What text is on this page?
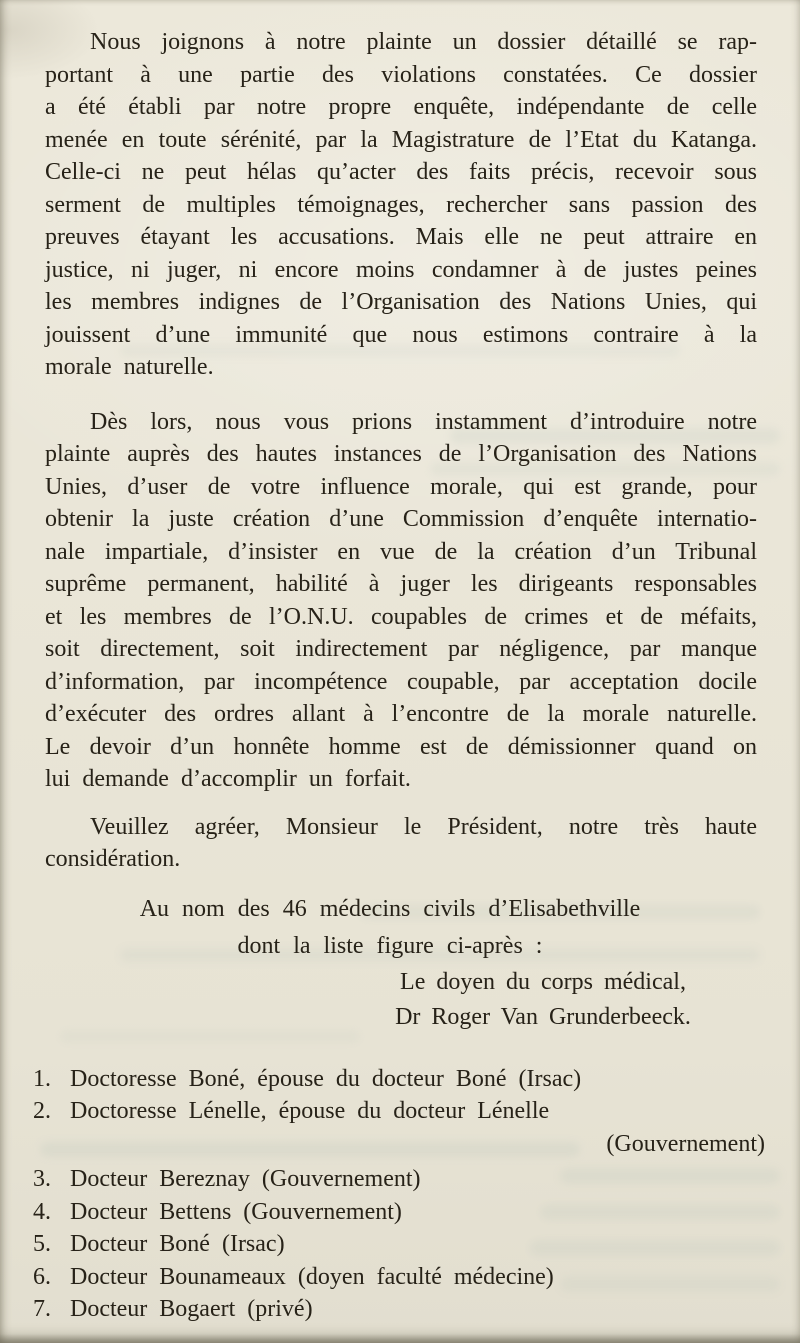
Nous joignons à notre plainte un dossier détaillé se rap-
portant à une partie des violations constatées. Ce dossier
a été établi par notre propre enquête, indépendante de celle
menée en toute sérénité, par la Magistrature de l’Etat du Katanga.
Celle-ci ne peut hélas qu’acter des faits précis, recevoir sous
serment de multiples témoignages, rechercher sans passion des
preuves étayant les accusations. Mais elle ne peut attraire en
justice, ni juger, ni encore moins condamner à de justes peines
les membres indignes de l’Organisation des Nations Unies, qui
jouissent d’une immunité que nous estimons contraire à la
morale naturelle.
Dès lors, nous vous prions instamment d’introduire notre
plainte auprès des hautes instances de l’Organisation des Nations
Unies, d’user de votre influence morale, qui est grande, pour
obtenir la juste création d’une Commission d’enquête internatio-
nale impartiale, d’insister en vue de la création d’un Tribunal
suprême permanent, habilité à juger les dirigeants responsables
et les membres de l’O.N.U. coupables de crimes et de méfaits,
soit directement, soit indirectement par négligence, par manque
d’information, par incompétence coupable, par acceptation docile
d’exécuter des ordres allant à l’encontre de la morale naturelle.
Le devoir d’un honnête homme est de démissionner quand on
lui demande d’accomplir un forfait.
Veuillez agréer, Monsieur le Président, notre très haute
considération.
Au nom des 46 médecins civils d’Elisabethville
dont la liste figure ci-après :
Le doyen du corps médical,
Dr Roger Van Grunderbeeck.
1. Doctoresse Boné, épouse du docteur Boné (Irsac)
2. Doctoresse Lénelle, épouse du docteur Lénelle
(Gouvernement)
3. Docteur Bereznay (Gouvernement)
4. Docteur Bettens (Gouvernement)
5. Docteur Boné (Irsac)
6. Docteur Bounameaux (doyen faculté médecine)
7. Docteur Bogaert (privé)
